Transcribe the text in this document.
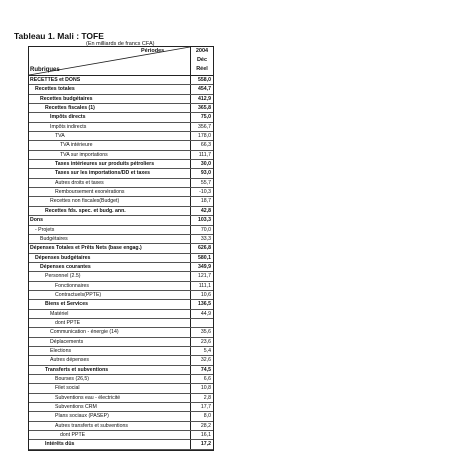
Tableau 1. Mali : TOFE
(En milliards de francs CFA)
Périodes	2004
Déc
Rubriques	Réel
RECETTES et DONS	558,0
Recettes totales	454,7
Recettes budgétaires	412,9
Recettes fiscales (1)	365,8
Impôts directs	75,0
Impôts indirects	356,7
TVA	178,0
TVA intérieure	66,3
TVA sur importations	111,7
Taxes intérieures sur produits pétroliers	30,0
Taxes sur les importations/DD et taxes	93,0
Autres droits et taxes	55,7
Remboursement exonérations	-10,3
Recettes non fiscales(Budget)	18,7
Recettes fds. spec. et budg. ann.	42,8
Dons	103,3
- Projets	70,0
Budgétaires	33,3
Dépenses Totales et Prêts Nets (base engag.)	626,8
Dépenses budgétaires	580,1
Dépenses courantes	349,9
Personnel (2.5)	121,7
Fonctionnaires	111,1
Contractuels(PPTE)	10,6
Biens et Services	136,5
Matériel	44,9
dont PPTE
Communication - énergie (14)	35,6
Déplacements	23,6
Elections	5,4
Autres dépenses	32,6
Transferts et subventions	74,5
Bourses (26,5)	6,6
Filet social	10,8
Subventions eau - électricité	2,8
Subventions CRM	17,7
Plans sociaux (PASEP)	8,0
Autres transferts et subventions	28,2
dont PPTE	16,1
Intérêts dûs	17,2
